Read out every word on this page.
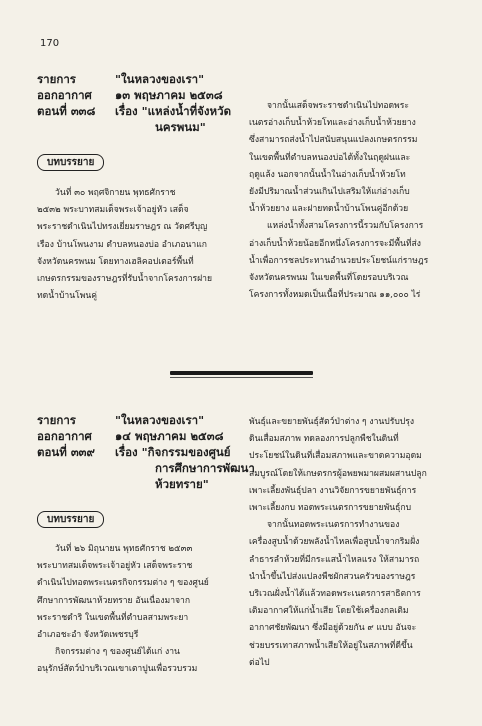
170
รายการ	"ในหลวงของเรา"
ออกอากาศ ๑๓ พฤษภาคม ๒๕๓๘
ตอนที่ ๓๓๘ เรื่อง "แหล่งน้ำที่จังหวัด
นครพนม"
บทบรรยาย
วันที่ ๓๐ พฤศจิกายน พุทธศักราช
๒๕๓๒ พระบาทสมเด็จพระเจ้าอยู่หัว เสด็จ
พระราชดำเนินไปทรงเยี่ยมราษฎร ณ วัดศรีบุญ
เรือง บ้านโพนงาม ตำบลหนองบ่อ อำเภอนาแก
จังหวัดนครพนม โดยทางเฮลิคอปเตอร์พื้นที่
เกษตรกรรมของราษฎรที่รับน้ำจากโครงการฝาย
ทดน้ำบ้านโพนคู่
จากนั้นเสด็จพระราชดำเนินไปทอดพระ
เนตรอ่างเก็บน้ำห้วยโทและอ่างเก็บน้ำห้วยยาง
ซึ่งสามารถส่งน้ำไปสนับสนุนแปลงเกษตรกรรม
ในเขตพื้นที่ตำบลหนองบ่อได้ทั้งในฤดูฝนและ
ฤดูแล้ง นอกจากนั้นน้ำในอ่างเก็บน้ำห้วยโท
ยังมีปริมาณน้ำส่วนเกินไปเสริมให้แก่อ่างเก็บ
น้ำห้วยยาง และฝายทดน้ำบ้านโพนคู่อีกด้วย
แหล่งน้ำทั้งสามโครงการนี้รวมกับโครงการ
อ่างเก็บน้ำห้วยน้อยอีกหนึ่งโครงการจะมีพื้นที่ส่ง
น้ำเพื่อการชลประทานอำนวยประโยชน์แก่ราษฎร
จังหวัดนครพนม ในเขตพื้นที่โดยรอบบริเวณ
โครงการทั้งหมดเป็นเนื้อที่ประมาณ ๑๑,๐๐๐ ไร่
รายการ	"ในหลวงของเรา"
ออกอากาศ ๑๔ พฤษภาคม ๒๕๓๘
ตอนที่ ๓๓๙ เรื่อง "กิจกรรมของศูนย์
การศึกษาการพัฒนา
ห้วยทราย"
บทบรรยาย
วันที่ ๒๖ มิถุนายน พุทธศักราช ๒๕๓๓
พระบาทสมเด็จพระเจ้าอยู่หัว เสด็จพระราช
ดำเนินไปทอดพระเนตรกิจกรรมต่าง ๆ ของศูนย์
ศึกษาการพัฒนาห้วยทราย อันเนื่องมาจาก
พระราชดำริ ในเขตพื้นที่ตำบลสามพระยา
อำเภอชะอำ จังหวัดเพชรบุรี
กิจกรรมต่าง ๆ ของศูนย์ได้แก่ งาน
อนุรักษ์สัตว์ป่าบริเวณเขาเตาปูนเพื่อรวบรวม
พันธุ์และขยายพันธุ์สัตว์ป่าต่าง ๆ งานปรับปรุง
ดินเสื่อมสภาพ ทดลองการปลูกพืชในดินที่
ประโยชน์ในดินที่เสื่อมสภาพและขาดความอุดม
สมบูรณ์โดยให้เกษตรกรผู้อพยพมาผสมผสานปลูก
เพาะเลี้ยงพันธุ์ปลา งานวิจัยการขยายพันธุ์การ
เพาะเลี้ยงกบ ทอดพระเนตรการขยายพันธุ์กบ
จากนั้นทอดพระเนตรการทำงานของ
เครื่องสูบน้ำด้วยพลังน้ำไหลเพื่อสูบน้ำจากริมฝั่ง
ลำธารลำห้วยที่มีกระแสน้ำไหลแรง ให้สามารถ
นำน้ำขึ้นไปส่งแปลงพืชผักสวนครัวของราษฎร
บริเวณฝั่งน้ำได้แล้วทอดพระเนตรการสาธิตการ
เติมอากาศให้แก่น้ำเสีย โดยใช้เครื่องกลเติม
อากาศชัยพัฒนา ซึ่งมีอยู่ด้วยกัน ๙ แบบ อันจะ
ช่วยบรรเทาสภาพน้ำเสียให้อยู่ในสภาพที่ดีขึ้น
ต่อไป
